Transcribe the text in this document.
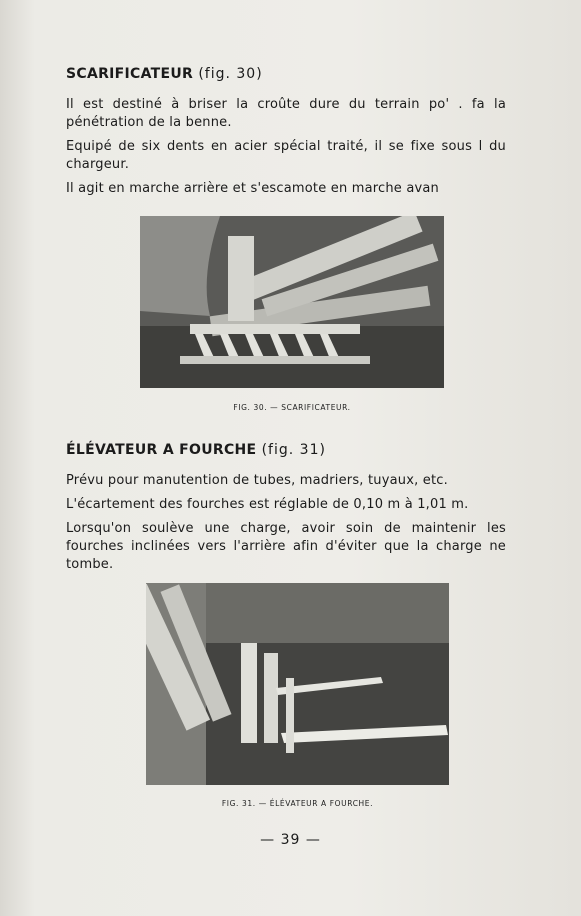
SCARIFICATEUR (fig. 30)

Il est destiné à briser la croûte dure du terrain po' . fa la pénétration de la benne.

Equipé de six dents en acier spécial traité, il se fixe sous l du chargeur.

Il agit en marche arrière et s'escamote en marche avan

FIG. 30. — SCARIFICATEUR.
ÉLÉVATEUR A FOURCHE (fig. 31)

Prévu pour manutention de tubes, madriers, tuyaux, etc.

L'écartement des fourches est réglable de 0,10 m à 1,01 m.

Lorsqu'on soulève une charge, avoir soin de maintenir les fourches inclinées vers l'arrière afin d'éviter que la charge ne tombe.

FIG. 31. — ÉLÉVATEUR A FOURCHE.
— 39 —
